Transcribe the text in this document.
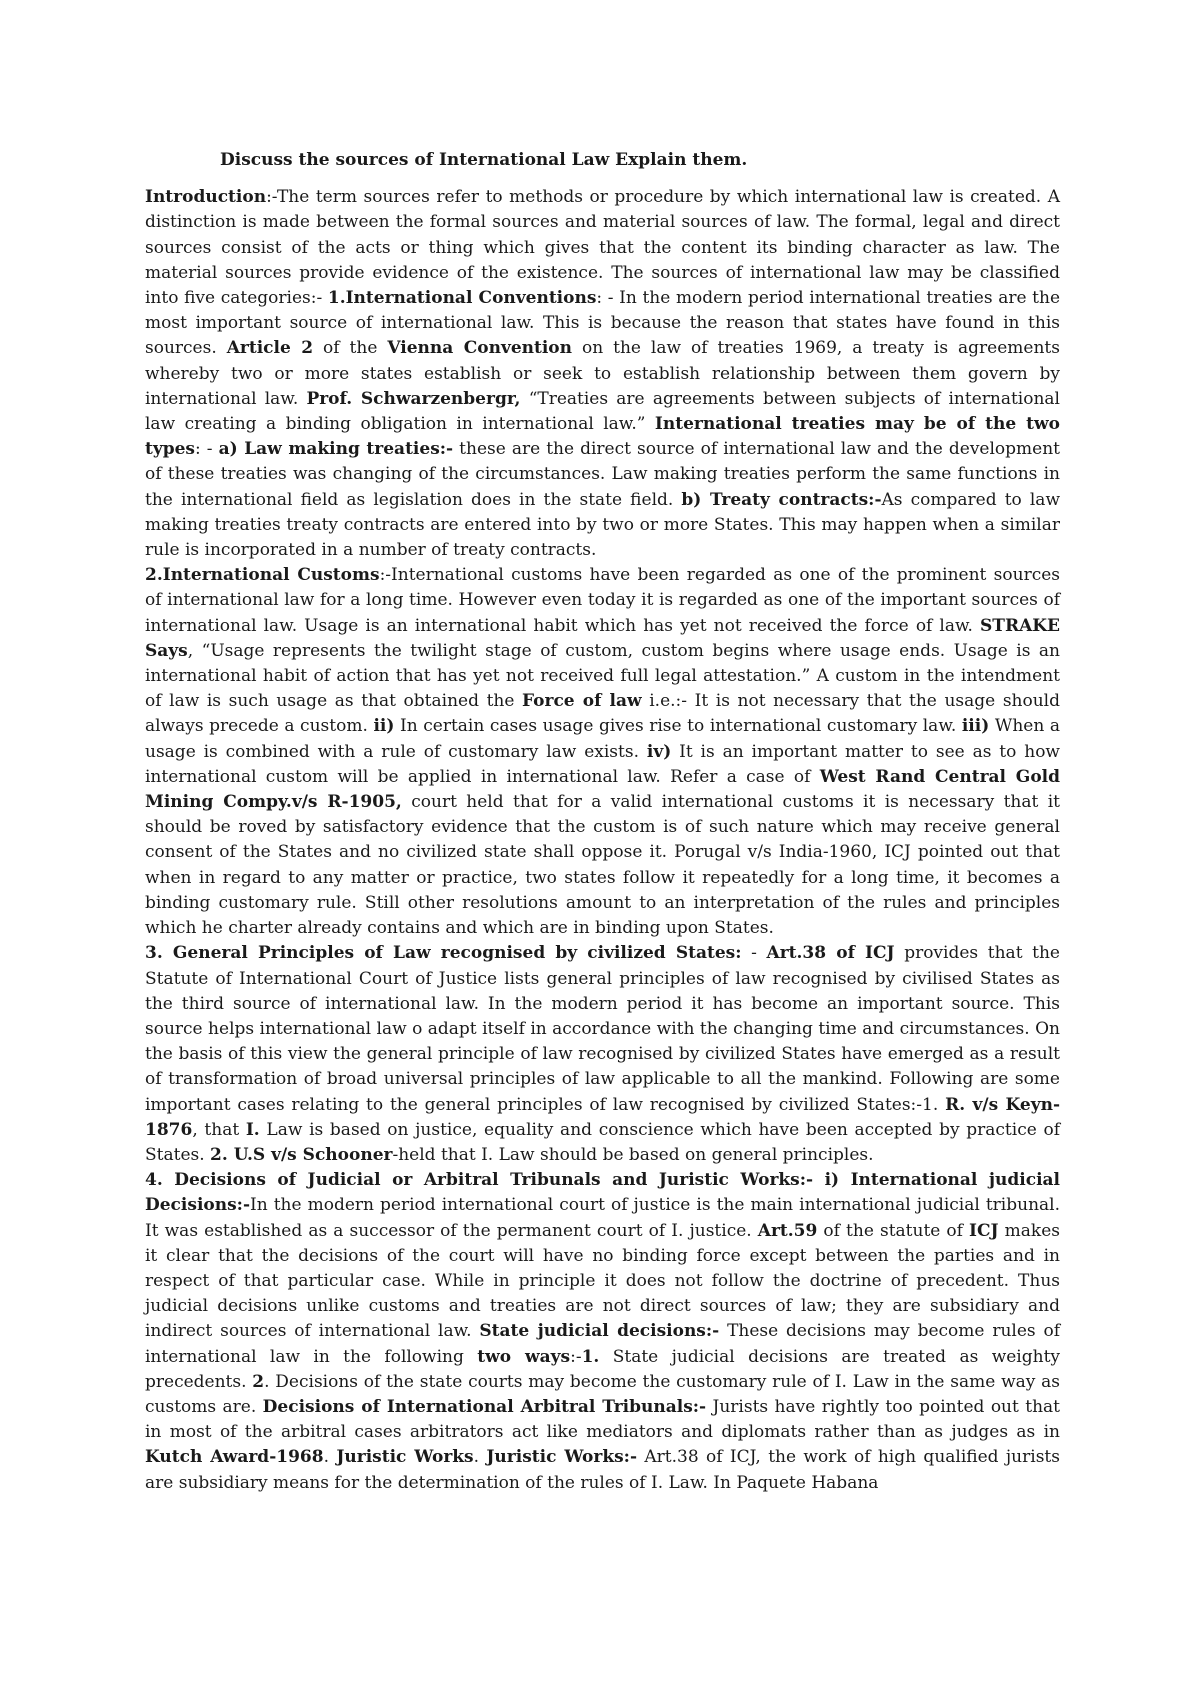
Discuss the sources of International Law Explain them.

Introduction:-The term sources refer to methods or procedure by which international law is created. A distinction is made between the formal sources and material sources of law. The formal, legal and direct sources consist of the acts or thing which gives that the content its binding character as law. The material sources provide evidence of the existence. The sources of international law may be classified into five categories:- 1.International Conventions: - In the modern period international treaties are the most important source of international law. This is because the reason that states have found in this sources. Article 2 of the Vienna Convention on the law of treaties 1969, a treaty is agreements whereby two or more states establish or seek to establish relationship between them govern by international law. Prof. Schwarzenbergr, “Treaties are agreements between subjects of international law creating a binding obligation in international law.” International treaties may be of the two types: - a) Law making treaties:- these are the direct source of international law and the development of these treaties was changing of the circumstances. Law making treaties perform the same functions in the international field as legislation does in the state field. b) Treaty contracts:-As compared to law making treaties treaty contracts are entered into by two or more States. This may happen when a similar rule is incorporated in a number of treaty contracts.

2.International Customs:-International customs have been regarded as one of the prominent sources of international law for a long time. However even today it is regarded as one of the important sources of international law. Usage is an international habit which has yet not received the force of law. STRAKE Says, “Usage represents the twilight stage of custom, custom begins where usage ends. Usage is an international habit of action that has yet not received full legal attestation.” A custom in the intendment of law is such usage as that obtained the Force of law i.e.:- It is not necessary that the usage should always precede a custom. ii) In certain cases usage gives rise to international customary law. iii) When a usage is combined with a rule of customary law exists. iv) It is an important matter to see as to how international custom will be applied in international law. Refer a case of West Rand Central Gold Mining Compy.v/s R-1905, court held that for a valid international customs it is necessary that it should be roved by satisfactory evidence that the custom is of such nature which may receive general consent of the States and no civilized state shall oppose it. Porugal v/s India-1960, ICJ pointed out that when in regard to any matter or practice, two states follow it repeatedly for a long time, it becomes a binding customary rule. Still other resolutions amount to an interpretation of the rules and principles which he charter already contains and which are in binding upon States.

3. General Principles of Law recognised by civilized States: - Art.38 of ICJ provides that the Statute of International Court of Justice lists general principles of law recognised by civilised States as the third source of international law. In the modern period it has become an important source. This source helps international law o adapt itself in accordance with the changing time and circumstances. On the basis of this view the general principle of law recognised by civilized States have emerged as a result of transformation of broad universal principles of law applicable to all the mankind. Following are some important cases relating to the general principles of law recognised by civilized States:-1. R. v/s Keyn-1876, that I. Law is based on justice, equality and conscience which have been accepted by practice of States. 2. U.S v/s Schooner-held that I. Law should be based on general principles.

4. Decisions of Judicial or Arbitral Tribunals and Juristic Works:- i) International judicial Decisions:-In the modern period international court of justice is the main international judicial tribunal. It was established as a successor of the permanent court of I. justice. Art.59 of the statute of ICJ makes it clear that the decisions of the court will have no binding force except between the parties and in respect of that particular case. While in principle it does not follow the doctrine of precedent. Thus judicial decisions unlike customs and treaties are not direct sources of law; they are subsidiary and indirect sources of international law. State judicial decisions:- These decisions may become rules of international law in the following two ways:-1. State judicial decisions are treated as weighty precedents. 2. Decisions of the state courts may become the customary rule of I. Law in the same way as customs are. Decisions of International Arbitral Tribunals:- Jurists have rightly too pointed out that in most of the arbitral cases arbitrators act like mediators and diplomats rather than as judges as in Kutch Award-1968. Juristic Works. Juristic Works:- Art.38 of ICJ, the work of high qualified jurists are subsidiary means for the determination of the rules of I. Law. In Paquete Habana
